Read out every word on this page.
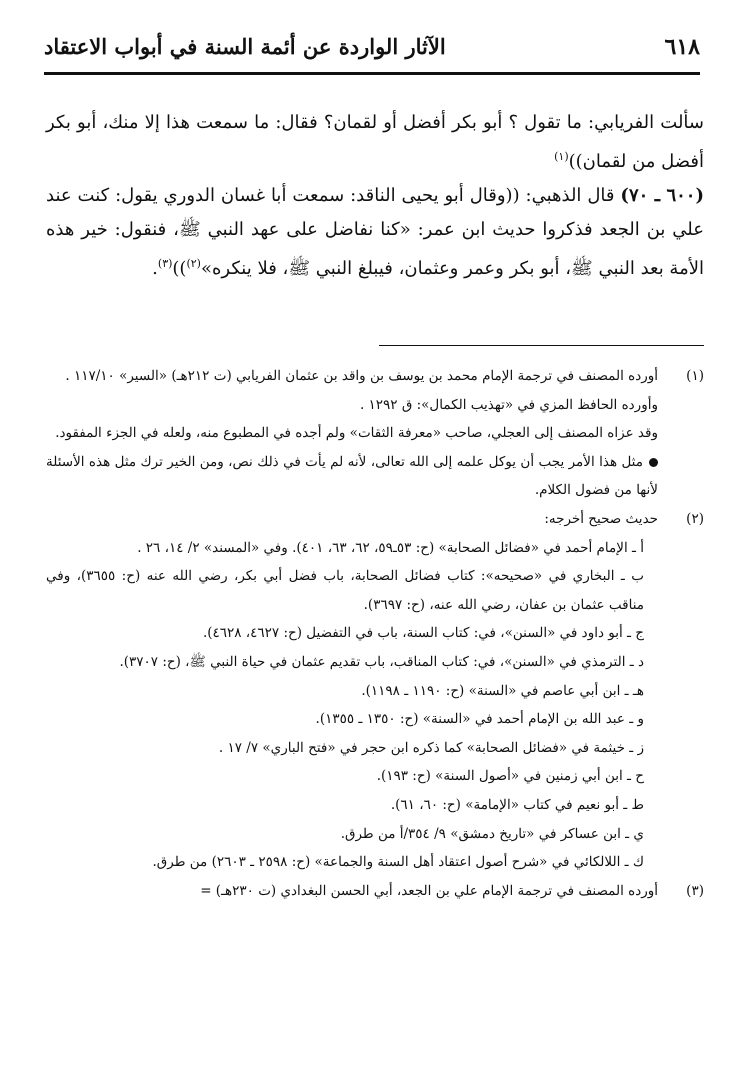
٦١٨
الآثار الواردة عن أئمة السنة في أبواب الاعتقاد

سألت الفريابي: ما تقول ؟ أبو بكر أفضل أو لقمان؟ فقال: ما سمعت هذا إلا منك، أبو بكر أفضل من لقمان))$^{(١)}$

(٦٠٠ ـ ٧٠) قال الذهبي: ((وقال أبو يحيى الناقد: سمعت أبا غسان الدوري يقول: كنت عند علي بن الجعد فذكروا حديث ابن عمر: «كنا نفاضل على عهد النبي ﷺ، فنقول: خير هذه الأمة بعد النبي ﷺ، أبو بكر وعمر وعثمان، فيبلغ النبي ﷺ، فلا ينكره»$^{(٢)}$))$^{(٣)}$.

(١)
أورده المصنف في ترجمة الإمام محمد بن يوسف بن واقد بن عثمان الفريابي (ت ٢١٢هـ) «السير» ١١٧/١٠ .
وأورده الحافظ المزي في «تهذيب الكمال»: ق ١٢٩٢ .
وقد عزاه المصنف إلى العجلي، صاحب «معرفة الثقات» ولم أجده في المطبوع منه، ولعله في الجزء المفقود.
مثل هذا الأمر يجب أن يوكل علمه إلى الله تعالى، لأنه لم يأت في ذلك نص، ومن الخير ترك مثل هذه الأسئلة لأنها من فضول الكلام.
(٢)
حديث صحيح أخرجه:
أ ـ الإمام أحمد في «فضائل الصحابة» (ح: ٥٣ـ٥٩، ٦٢، ٦٣، ٤٠١). وفي «المسند» ٢/ ١٤، ٢٦ .
ب ـ البخاري في «صحيحه»: كتاب فضائل الصحابة، باب فضل أبي بكر، رضي الله عنه (ح: ٣٦٥٥)، وفي مناقب عثمان بن عفان، رضي الله عنه، (ح: ٣٦٩٧).
ج ـ أبو داود في «السنن»، في: كتاب السنة، باب في التفضيل (ح: ٤٦٢٧، ٤٦٢٨).
د ـ الترمذي في «السنن»، في: كتاب المناقب، باب تقديم عثمان في حياة النبي ﷺ، (ح: ٣٧٠٧).
هـ ـ ابن أبي عاصم في «السنة» (ح: ١١٩٠ ـ ١١٩٨).
و ـ عبد الله بن الإمام أحمد في «السنة» (ح: ١٣٥٠ ـ ١٣٥٥).
ز ـ خيثمة في «فضائل الصحابة» كما ذكره ابن حجر في «فتح الباري» ٧/ ١٧ .
ح ـ ابن أبي زمنين في «أصول السنة» (ح: ١٩٣).
ط ـ أبو نعيم في كتاب «الإمامة» (ح: ٦٠، ٦١).
ي ـ ابن عساكر في «تاريخ دمشق» ٩/ ٣٥٤/أ من طرق.
ك ـ اللالكائي في «شرح أصول اعتقاد أهل السنة والجماعة» (ح: ٢٥٩٨ ـ ٢٦٠٣) من طرق.
(٣)
أورده المصنف في ترجمة الإمام علي بن الجعد، أبي الحسن البغدادي (ت ٢٣٠هـ) =
